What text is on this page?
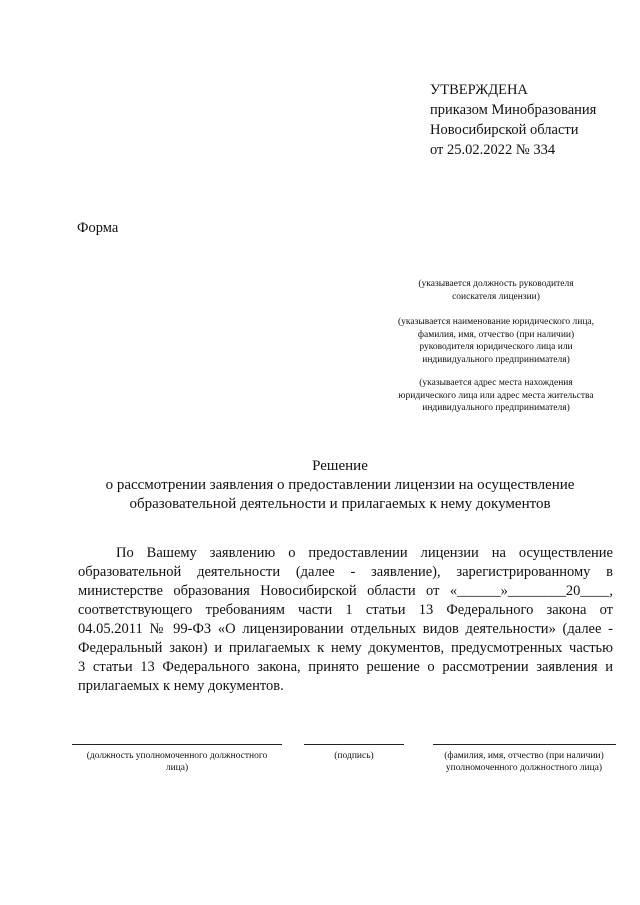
УТВЕРЖДЕНА
приказом Минобразования
Новосибирской области
от 25.02.2022 № 334
Форма
(указывается должность руководителя
соискателя лицензии)
(указывается наименование юридического лица,
фамилия, имя, отчество (при наличии)
руководителя юридического лица или
индивидуального предпринимателя)
(указывается адрес места нахождения
юридического лица или адрес места жительства
индивидуального предпринимателя)
Решение
о рассмотрении заявления о предоставлении лицензии на осуществление
образовательной деятельности и прилагаемых к нему документов
По Вашему заявлению о предоставлении лицензии на осуществление
образовательной деятельности (далее - заявление), зарегистрированному в
министерстве образования Новосибирской области от «______»________20____,
соответствующего требованиям части 1 статьи 13 Федерального закона от
04.05.2011 № 99-ФЗ «О лицензировании отдельных видов деятельности» (далее -
Федеральный закон) и прилагаемых к нему документов, предусмотренных частью
3 статьи 13 Федерального закона, принято решение о рассмотрении заявления и
прилагаемых к нему документов.
(должность уполномоченного должностного
лица)
(подпись)	(фамилия, имя, отчество (при наличии)
уполномоченного должностного лица)
